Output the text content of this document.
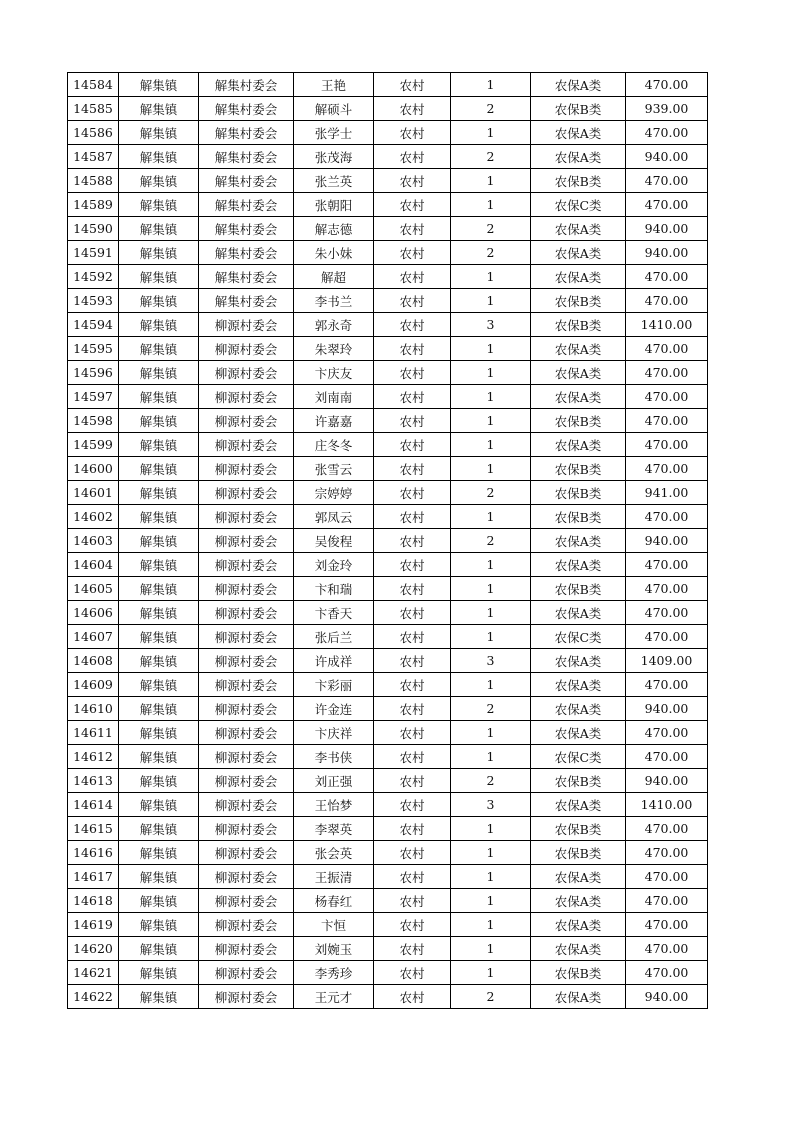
14584	解集镇	解集村委会	王艳	农村	1	农保A类	470.00
14585	解集镇	解集村委会	解硕斗	农村	2	农保B类	939.00
14586	解集镇	解集村委会	张学士	农村	1	农保A类	470.00
14587	解集镇	解集村委会	张茂海	农村	2	农保A类	940.00
14588	解集镇	解集村委会	张兰英	农村	1	农保B类	470.00
14589	解集镇	解集村委会	张朝阳	农村	1	农保C类	470.00
14590	解集镇	解集村委会	解志德	农村	2	农保A类	940.00
14591	解集镇	解集村委会	朱小妹	农村	2	农保A类	940.00
14592	解集镇	解集村委会	解超	农村	1	农保A类	470.00
14593	解集镇	解集村委会	李书兰	农村	1	农保B类	470.00
14594	解集镇	柳源村委会	郭永奇	农村	3	农保B类	1410.00
14595	解集镇	柳源村委会	朱翠玲	农村	1	农保A类	470.00
14596	解集镇	柳源村委会	卞庆友	农村	1	农保A类	470.00
14597	解集镇	柳源村委会	刘南南	农村	1	农保A类	470.00
14598	解集镇	柳源村委会	许嘉嘉	农村	1	农保B类	470.00
14599	解集镇	柳源村委会	庄冬冬	农村	1	农保A类	470.00
14600	解集镇	柳源村委会	张雪云	农村	1	农保B类	470.00
14601	解集镇	柳源村委会	宗婷婷	农村	2	农保B类	941.00
14602	解集镇	柳源村委会	郭凤云	农村	1	农保B类	470.00
14603	解集镇	柳源村委会	吴俊程	农村	2	农保A类	940.00
14604	解集镇	柳源村委会	刘金玲	农村	1	农保A类	470.00
14605	解集镇	柳源村委会	卞和瑞	农村	1	农保B类	470.00
14606	解集镇	柳源村委会	卞香天	农村	1	农保A类	470.00
14607	解集镇	柳源村委会	张后兰	农村	1	农保C类	470.00
14608	解集镇	柳源村委会	许成祥	农村	3	农保A类	1409.00
14609	解集镇	柳源村委会	卞彩丽	农村	1	农保A类	470.00
14610	解集镇	柳源村委会	许金连	农村	2	农保A类	940.00
14611	解集镇	柳源村委会	卞庆祥	农村	1	农保A类	470.00
14612	解集镇	柳源村委会	李书侠	农村	1	农保C类	470.00
14613	解集镇	柳源村委会	刘正强	农村	2	农保B类	940.00
14614	解集镇	柳源村委会	王怡梦	农村	3	农保A类	1410.00
14615	解集镇	柳源村委会	李翠英	农村	1	农保B类	470.00
14616	解集镇	柳源村委会	张会英	农村	1	农保B类	470.00
14617	解集镇	柳源村委会	王振清	农村	1	农保A类	470.00
14618	解集镇	柳源村委会	杨春红	农村	1	农保A类	470.00
14619	解集镇	柳源村委会	卞恒	农村	1	农保A类	470.00
14620	解集镇	柳源村委会	刘婉玉	农村	1	农保A类	470.00
14621	解集镇	柳源村委会	李秀珍	农村	1	农保B类	470.00
14622	解集镇	柳源村委会	王元才	农村	2	农保A类	940.00
